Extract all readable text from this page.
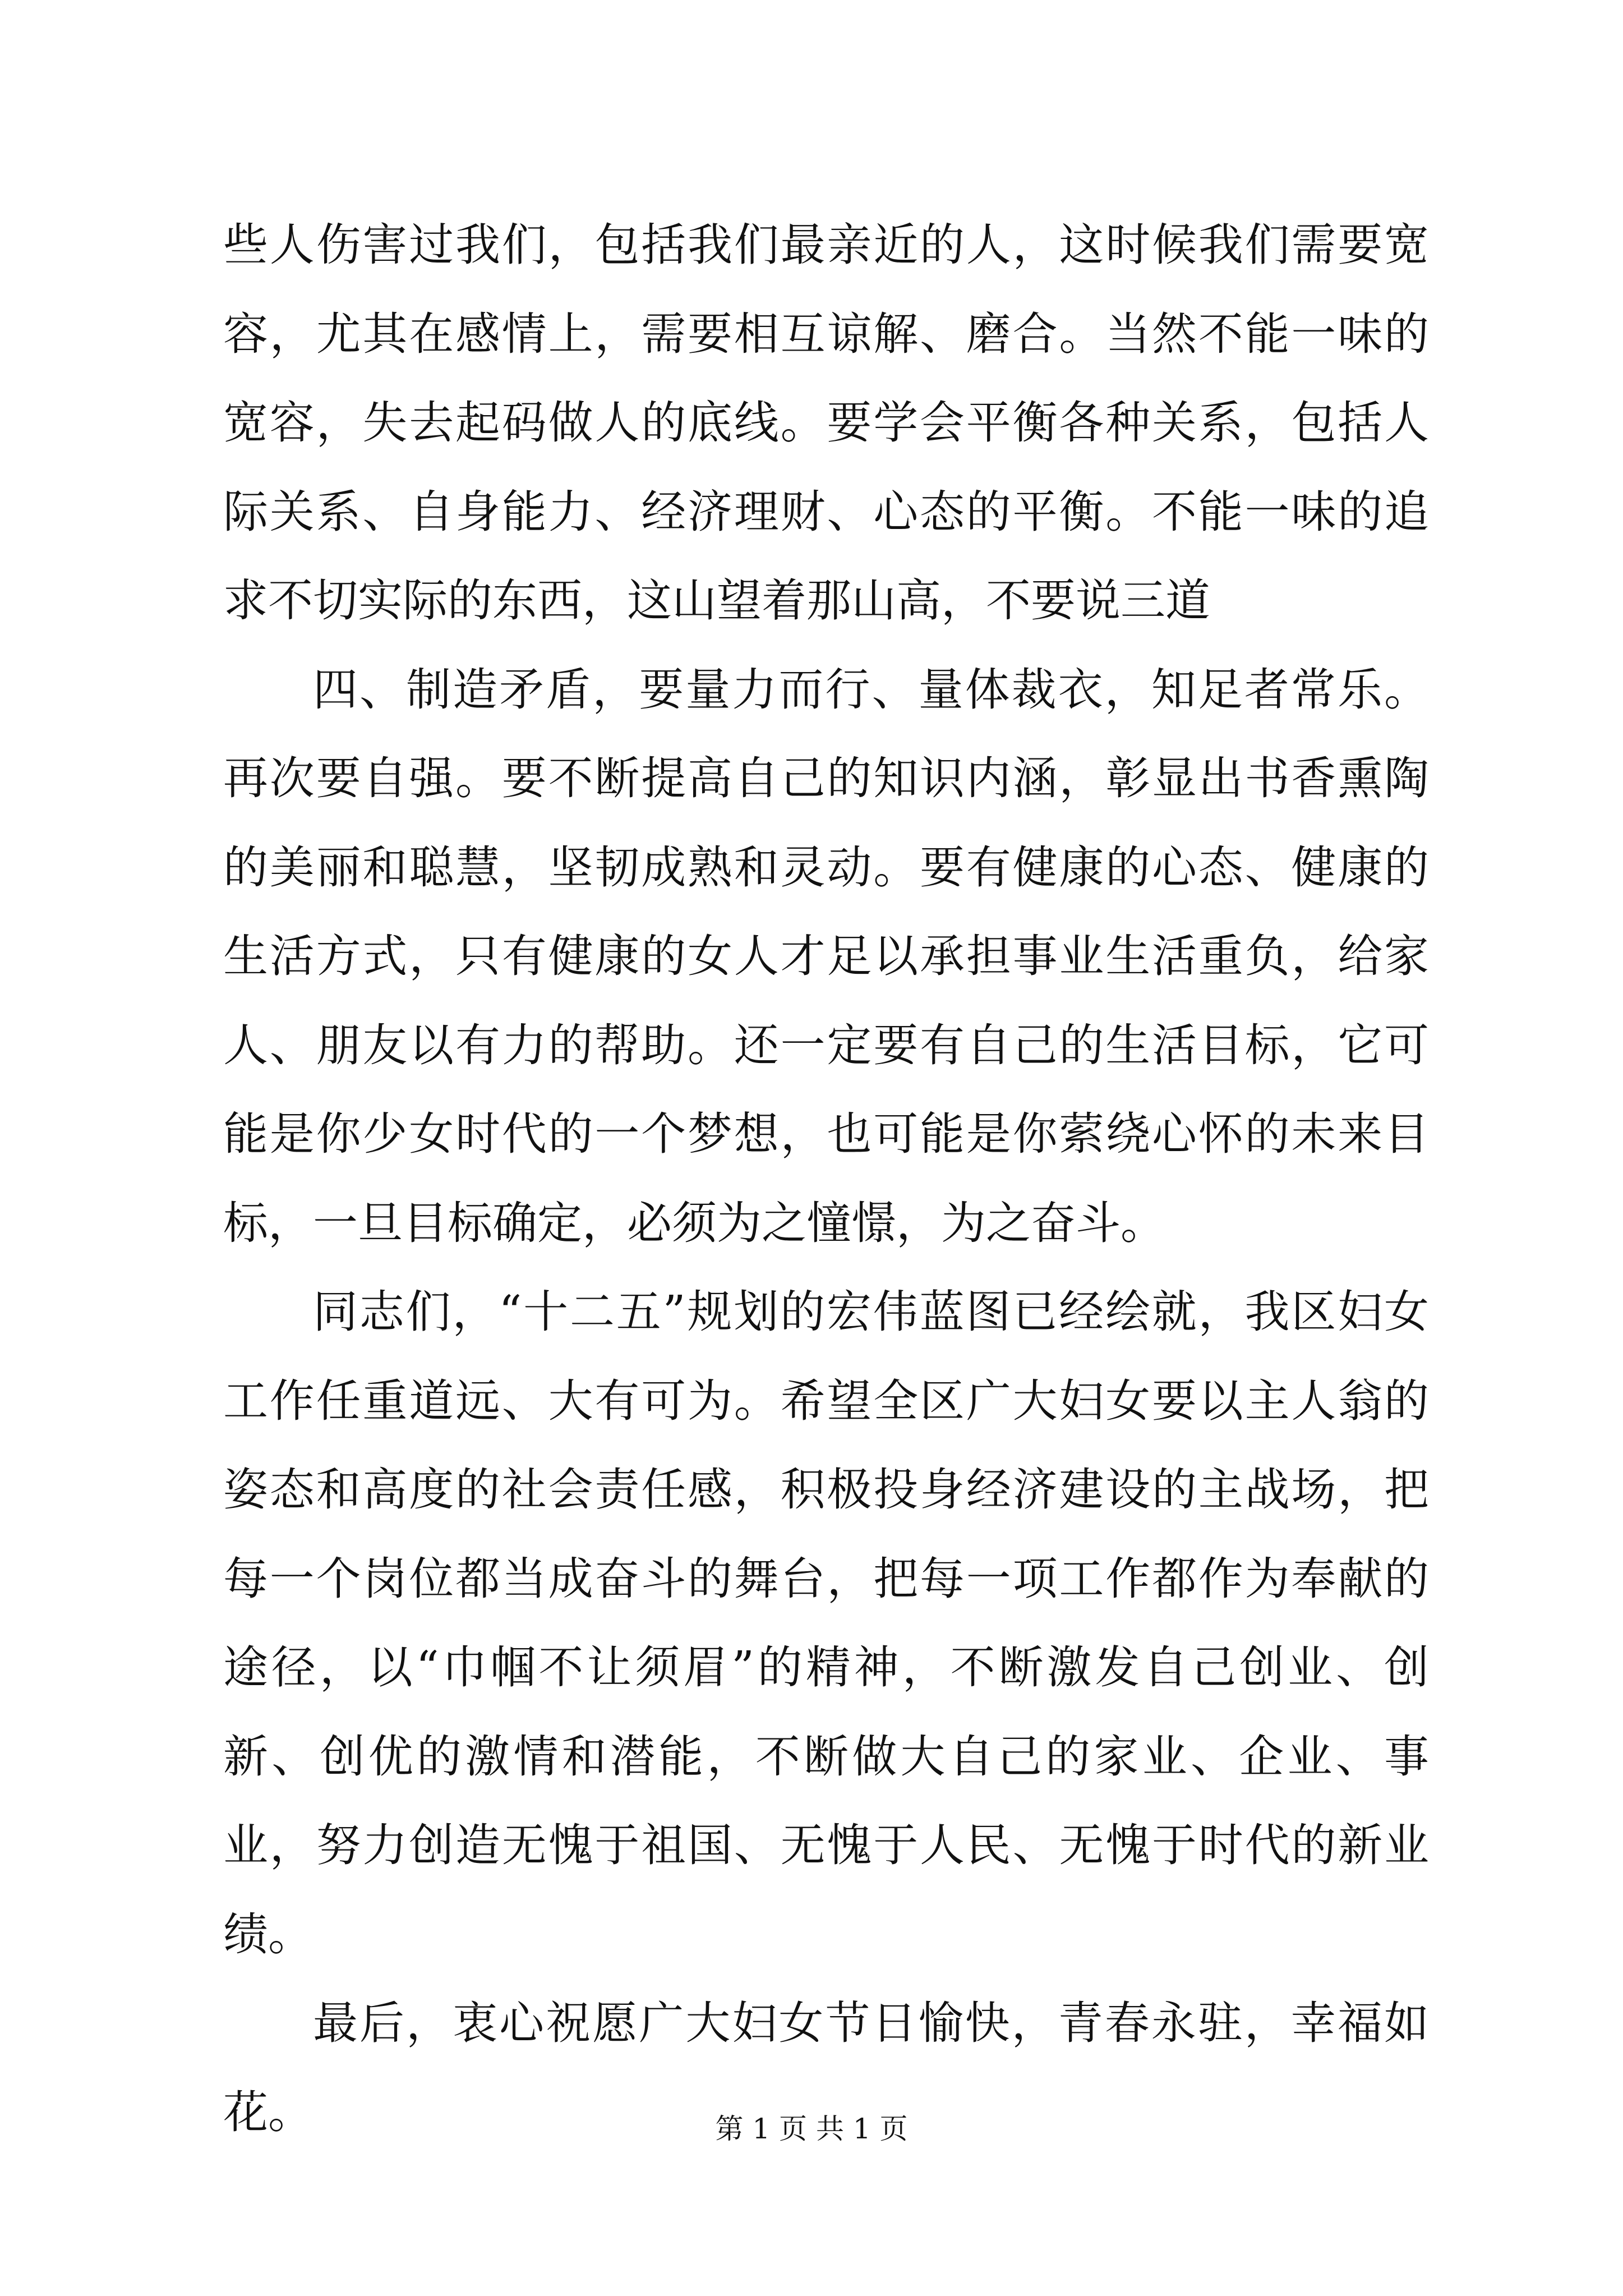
些人伤害过我们，包括我们最亲近的人，这时候我们需要宽容，尤其在感情上，需要相互谅解、磨合。当然不能一味的宽容，失去起码做人的底线。要学会平衡各种关系，包括人际关系、自身能力、经济理财、心态的平衡。不能一味的追求不切实际的东西，这山望着那山高，不要说三道

四、制造矛盾，要量力而行、量体裁衣，知足者常乐。再次要自强。要不断提高自己的知识内涵，彰显出书香熏陶的美丽和聪慧，坚韧成熟和灵动。要有健康的心态、健康的生活方式，只有健康的女人才足以承担事业生活重负，给家人、朋友以有力的帮助。还一定要有自己的生活目标，它可能是你少女时代的一个梦想，也可能是你萦绕心怀的未来目标，一旦目标确定，必须为之憧憬，为之奋斗。

同志们，“十二五”规划的宏伟蓝图已经绘就，我区妇女工作任重道远、大有可为。希望全区广大妇女要以主人翁的姿态和高度的社会责任感，积极投身经济建设的主战场，把每一个岗位都当成奋斗的舞台，把每一项工作都作为奉献的途径，以“巾帼不让须眉”的精神，不断激发自己创业、创新、创优的激情和潜能，不断做大自己的家业、企业、事业，努力创造无愧于祖国、无愧于人民、无愧于时代的新业绩。

最后，衷心祝愿广大妇女节日愉快，青春永驻，幸福如花。	第 1 页 共 1 页
